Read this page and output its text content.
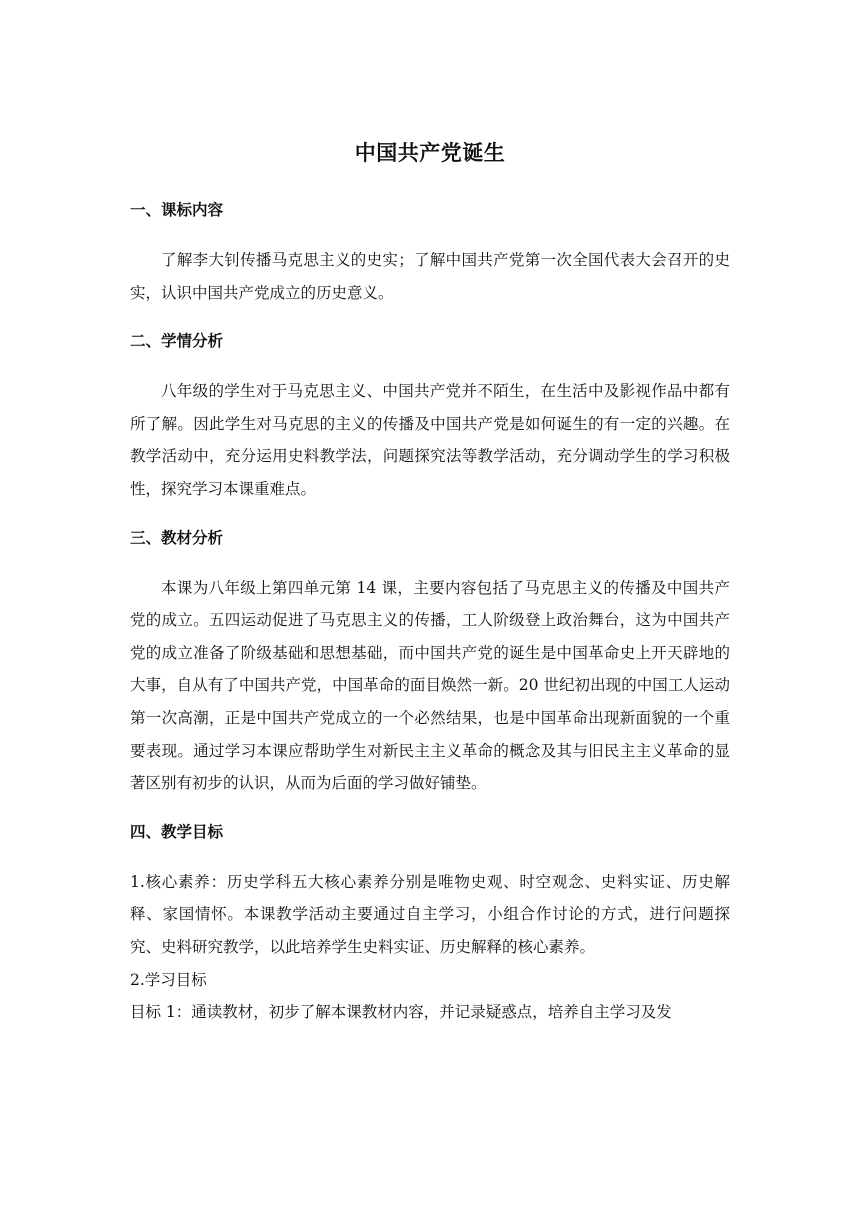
中国共产党诞生
一、课标内容

了解李大钊传播马克思主义的史实；了解中国共产党第一次全国代表大会召开的史实，认识中国共产党成立的历史意义。

二、学情分析

八年级的学生对于马克思主义、中国共产党并不陌生，在生活中及影视作品中都有所了解。因此学生对马克思的主义的传播及中国共产党是如何诞生的有一定的兴趣。在教学活动中，充分运用史料教学法，问题探究法等教学活动，充分调动学生的学习积极性，探究学习本课重难点。

三、教材分析

本课为八年级上第四单元第 14 课，主要内容包括了马克思主义的传播及中国共产党的成立。五四运动促进了马克思主义的传播，工人阶级登上政治舞台，这为中国共产党的成立准备了阶级基础和思想基础，而中国共产党的诞生是中国革命史上开天辟地的大事，自从有了中国共产党，中国革命的面目焕然一新。20 世纪初出现的中国工人运动第一次高潮，正是中国共产党成立的一个必然结果，也是中国革命出现新面貌的一个重要表现。通过学习本课应帮助学生对新民主主义革命的概念及其与旧民主主义革命的显著区别有初步的认识，从而为后面的学习做好铺垫。

四、教学目标

1.核心素养：历史学科五大核心素养分别是唯物史观、时空观念、史料实证、历史解释、家国情怀。本课教学活动主要通过自主学习，小组合作讨论的方式，进行问题探究、史料研究教学，以此培养学生史料实证、历史解释的核心素养。

2.学习目标

目标 1：通读教材，初步了解本课教材内容，并记录疑惑点，培养自主学习及发
